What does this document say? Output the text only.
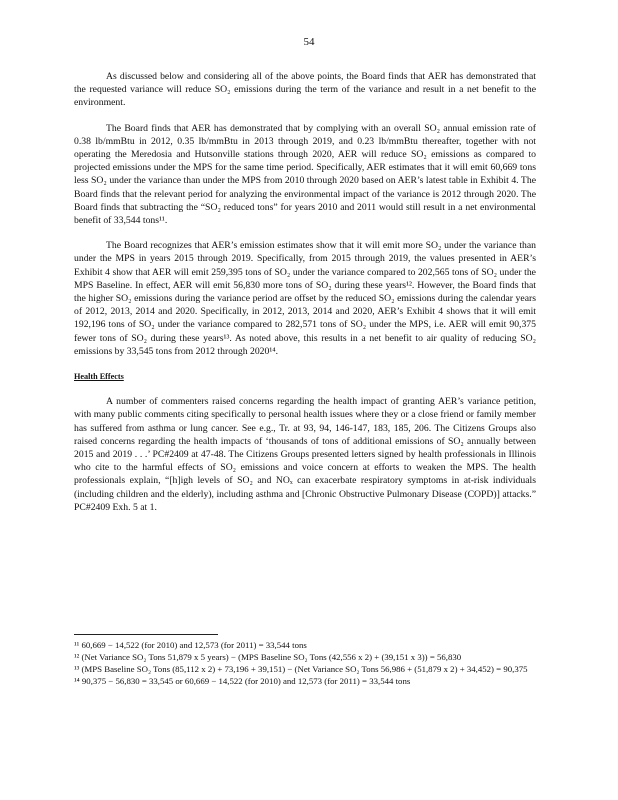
54

As discussed below and considering all of the above points, the Board finds that AER has demonstrated that the requested variance will reduce SO₂ emissions during the term of the variance and result in a net benefit to the environment.

The Board finds that AER has demonstrated that by complying with an overall SO₂ annual emission rate of 0.38 lb/mmBtu in 2012, 0.35 lb/mmBtu in 2013 through 2019, and 0.23 lb/mmBtu thereafter, together with not operating the Meredosia and Hutsonville stations through 2020, AER will reduce SO₂ emissions as compared to projected emissions under the MPS for the same time period. Specifically, AER estimates that it will emit 60,669 tons less SO₂ under the variance than under the MPS from 2010 through 2020 based on AER’s latest table in Exhibit 4. The Board finds that the relevant period for analyzing the environmental impact of the variance is 2012 through 2020. The Board finds that subtracting the “SO₂ reduced tons” for years 2010 and 2011 would still result in a net environmental benefit of 33,544 tons¹¹.

The Board recognizes that AER’s emission estimates show that it will emit more SO₂ under the variance than under the MPS in years 2015 through 2019. Specifically, from 2015 through 2019, the values presented in AER’s Exhibit 4 show that AER will emit 259,395 tons of SO₂ under the variance compared to 202,565 tons of SO₂ under the MPS Baseline. In effect, AER will emit 56,830 more tons of SO₂ during these years¹². However, the Board finds that the higher SO₂ emissions during the variance period are offset by the reduced SO₂ emissions during the calendar years of 2012, 2013, 2014 and 2020. Specifically, in 2012, 2013, 2014 and 2020, AER’s Exhibit 4 shows that it will emit 192,196 tons of SO₂ under the variance compared to 282,571 tons of SO₂ under the MPS, i.e. AER will emit 90,375 fewer tons of SO₂ during these years¹³. As noted above, this results in a net benefit to air quality of reducing SO₂ emissions by 33,545 tons from 2012 through 2020¹⁴.

Health Effects

A number of commenters raised concerns regarding the health impact of granting AER’s variance petition, with many public comments citing specifically to personal health issues where they or a close friend or family member has suffered from asthma or lung cancer. See e.g., Tr. at 93, 94, 146-147, 183, 185, 206. The Citizens Groups also raised concerns regarding the health impacts of ‘thousands of tons of additional emissions of SO₂ annually between 2015 and 2019 . . .’ PC#2409 at 47-48. The Citizens Groups presented letters signed by health professionals in Illinois who cite to the harmful effects of SO₂ emissions and voice concern at efforts to weaken the MPS. The health professionals explain, “[h]igh levels of SO₂ and NOₓ can exacerbate respiratory symptoms in at-risk individuals (including children and the elderly), including asthma and [Chronic Obstructive Pulmonary Disease (COPD)] attacks.” PC#2409 Exh. 5 at 1.

¹¹ 60,669 − 14,522 (for 2010) and 12,573 (for 2011) = 33,544 tons

¹² (Net Variance SO₂ Tons 51,879 x 5 years) − (MPS Baseline SO₂ Tons (42,556 x 2) + (39,151 x 3)) = 56,830

¹³ (MPS Baseline SO₂ Tons (85,112 x 2) + 73,196 + 39,151) − (Net Variance SO₂ Tons 56,986 + (51,879 x 2) + 34,452) = 90,375

¹⁴ 90,375 − 56,830 = 33,545 or 60,669 − 14,522 (for 2010) and 12,573 (for 2011) = 33,544 tons
